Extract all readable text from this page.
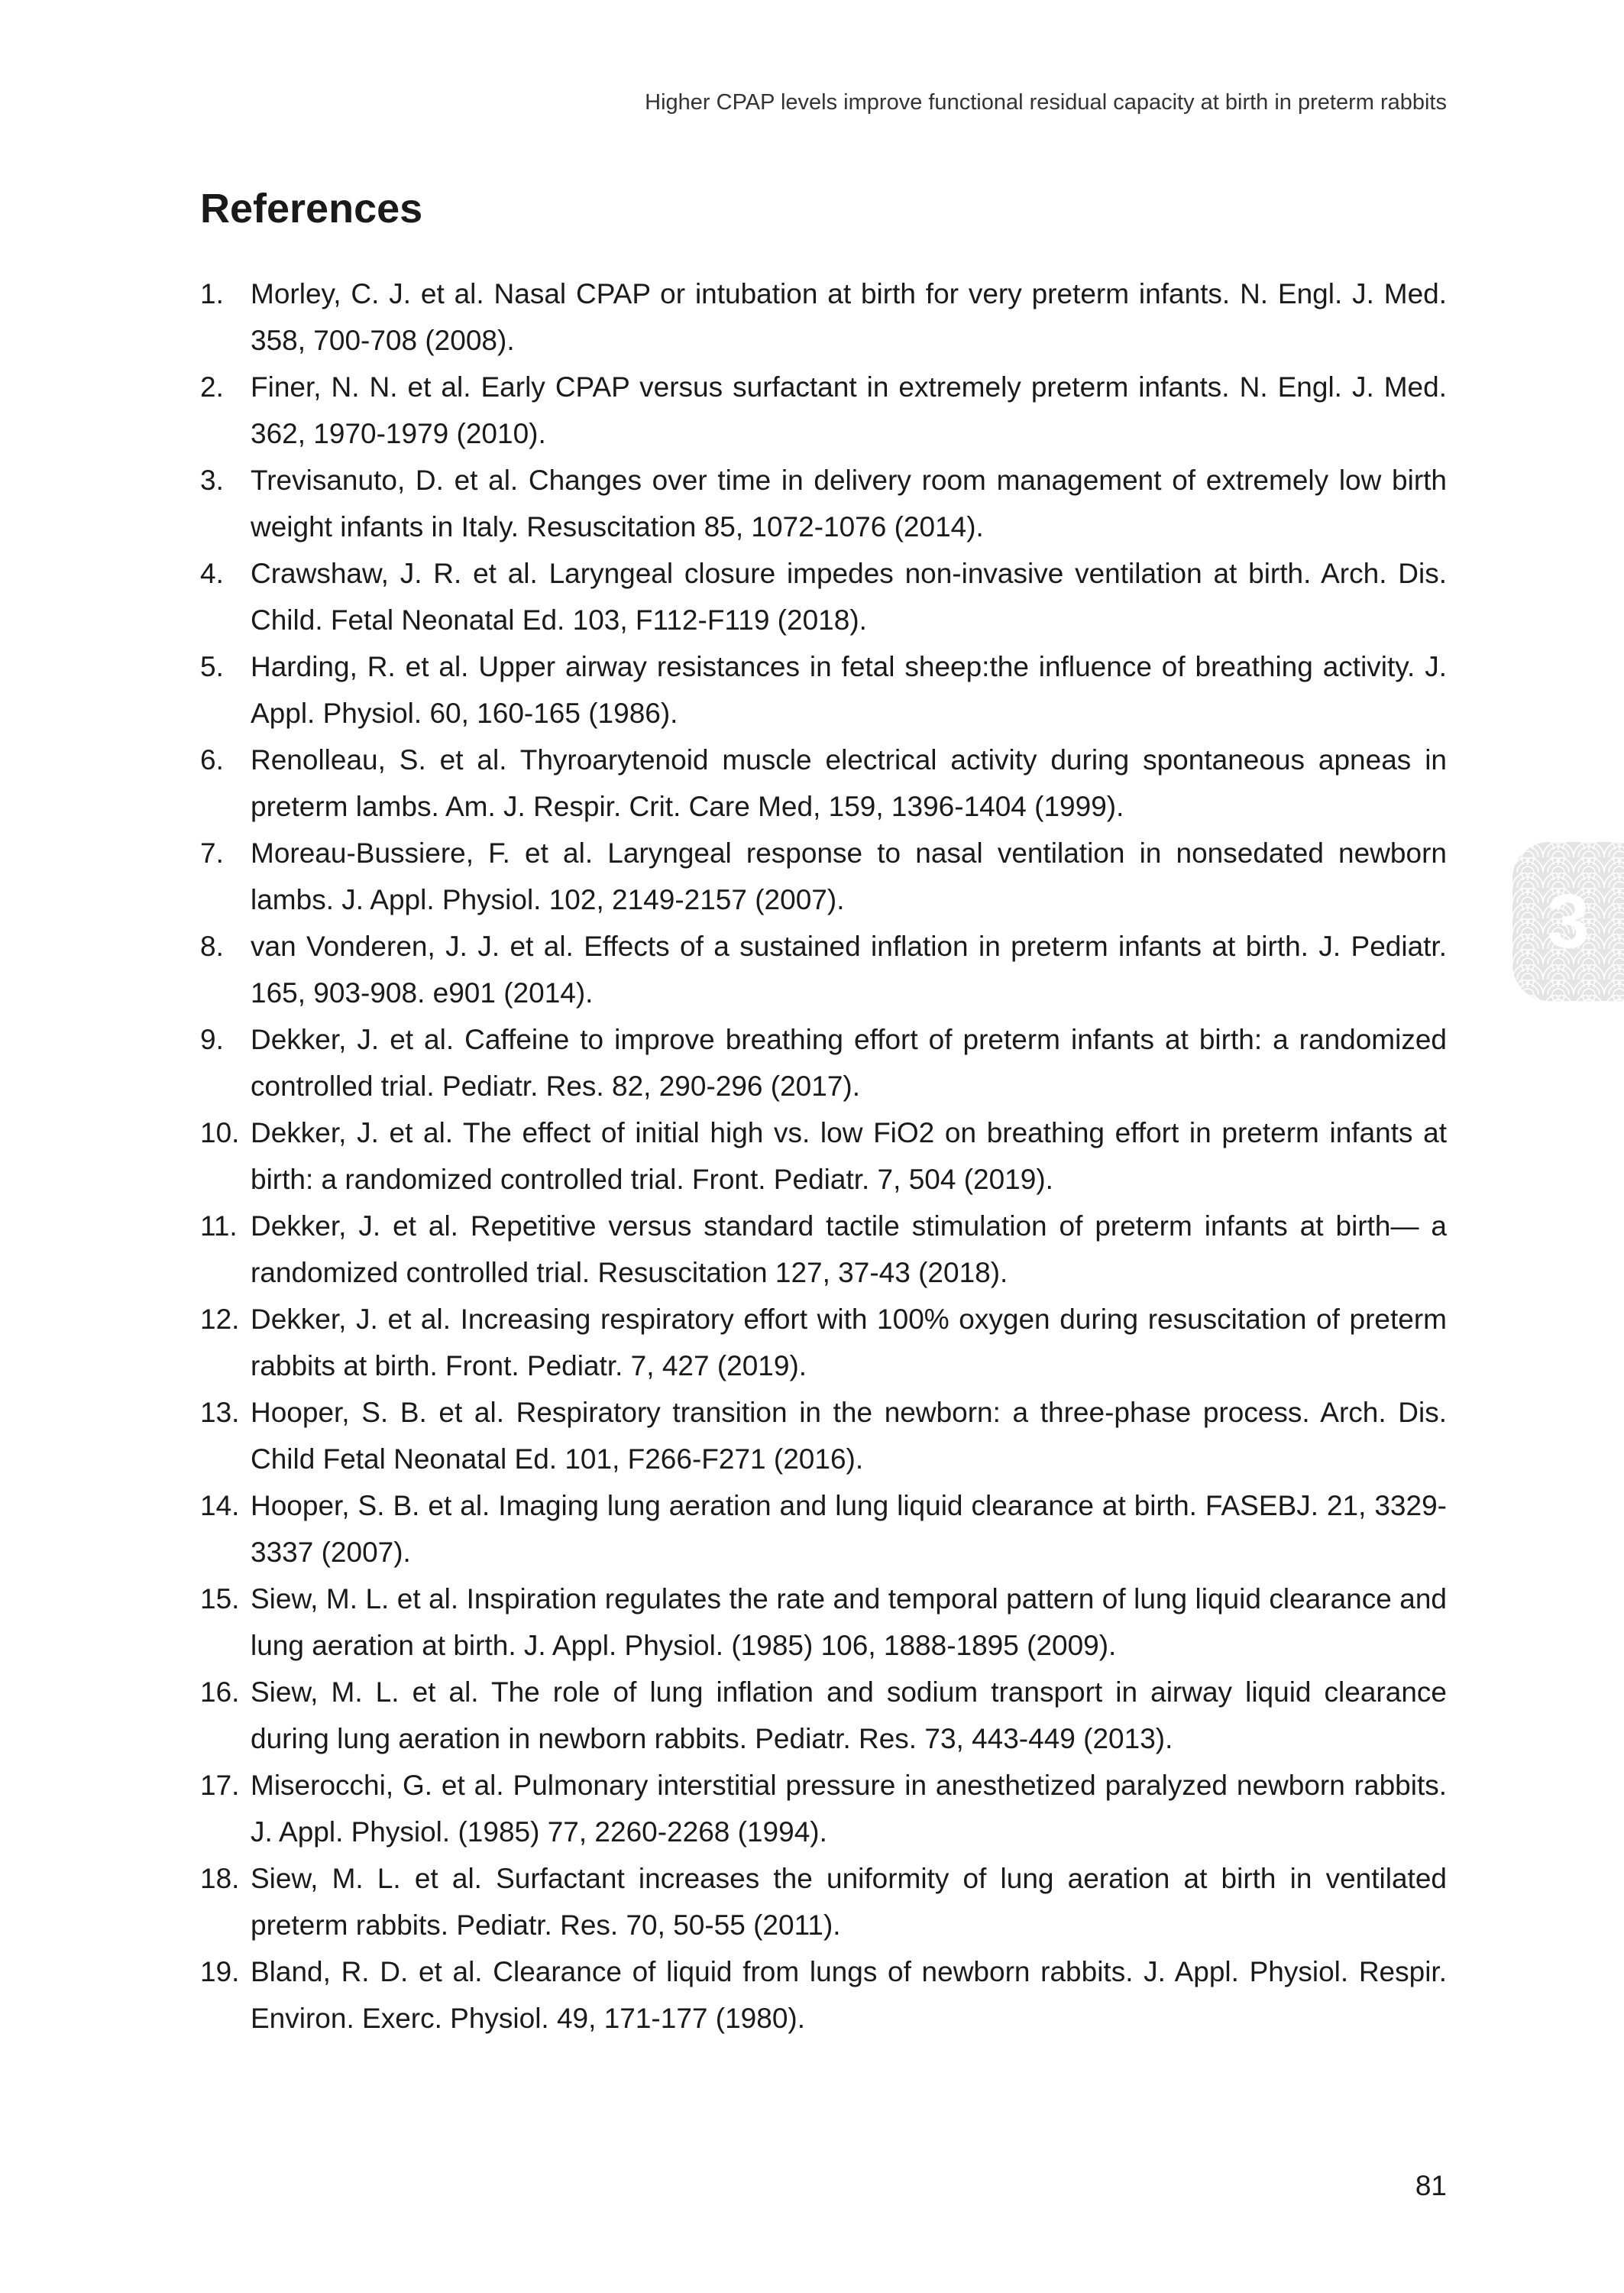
Higher CPAP levels improve functional residual capacity at birth in preterm rabbits
References
1. Morley, C. J. et al. Nasal CPAP or intubation at birth for very preterm infants. N. Engl. J. Med. 358, 700-708 (2008).
2. Finer, N. N. et al. Early CPAP versus surfactant in extremely preterm infants. N. Engl. J. Med. 362, 1970-1979 (2010).
3. Trevisanuto, D. et al. Changes over time in delivery room management of extremely low birth weight infants in Italy. Resuscitation 85, 1072-1076 (2014).
4. Crawshaw, J. R. et al. Laryngeal closure impedes non-invasive ventilation at birth. Arch. Dis. Child. Fetal Neonatal Ed. 103, F112-F119 (2018).
5. Harding, R. et al. Upper airway resistances in fetal sheep:the influence of breathing activity. J. Appl. Physiol. 60, 160-165 (1986).
6. Renolleau, S. et al. Thyroarytenoid muscle electrical activity during spontaneous apneas in preterm lambs. Am. J. Respir. Crit. Care Med, 159, 1396-1404 (1999).
7. Moreau-Bussiere, F. et al. Laryngeal response to nasal ventilation in nonsedated newborn lambs. J. Appl. Physiol. 102, 2149-2157 (2007).
8. van Vonderen, J. J. et al. Effects of a sustained inflation in preterm infants at birth. J. Pediatr. 165, 903-908. e901 (2014).
9. Dekker, J. et al. Caffeine to improve breathing effort of preterm infants at birth: a randomized controlled trial. Pediatr. Res. 82, 290-296 (2017).
10. Dekker, J. et al. The effect of initial high vs. low FiO2 on breathing effort in preterm infants at birth: a randomized controlled trial. Front. Pediatr. 7, 504 (2019).
11. Dekker, J. et al. Repetitive versus standard tactile stimulation of preterm infants at birth— a randomized controlled trial. Resuscitation 127, 37-43 (2018).
12. Dekker, J. et al. Increasing respiratory effort with 100% oxygen during resuscitation of preterm rabbits at birth. Front. Pediatr. 7, 427 (2019).
13. Hooper, S. B. et al. Respiratory transition in the newborn: a three-phase process. Arch. Dis. Child Fetal Neonatal Ed. 101, F266-F271 (2016).
14. Hooper, S. B. et al. Imaging lung aeration and lung liquid clearance at birth. FASEBJ. 21, 3329-3337 (2007).
15. Siew, M. L. et al. Inspiration regulates the rate and temporal pattern of lung liquid clearance and lung aeration at birth. J. Appl. Physiol. (1985) 106, 1888-1895 (2009).
16. Siew, M. L. et al. The role of lung inflation and sodium transport in airway liquid clearance during lung aeration in newborn rabbits. Pediatr. Res. 73, 443-449 (2013).
17. Miserocchi, G. et al. Pulmonary interstitial pressure in anesthetized paralyzed newborn rabbits. J. Appl. Physiol. (1985) 77, 2260-2268 (1994).
18. Siew, M. L. et al. Surfactant increases the uniformity of lung aeration at birth in ventilated preterm rabbits. Pediatr. Res. 70, 50-55 (2011).
19. Bland, R. D. et al. Clearance of liquid from lungs of newborn rabbits. J. Appl. Physiol. Respir. Environ. Exerc. Physiol. 49, 171-177 (1980).
3
81
